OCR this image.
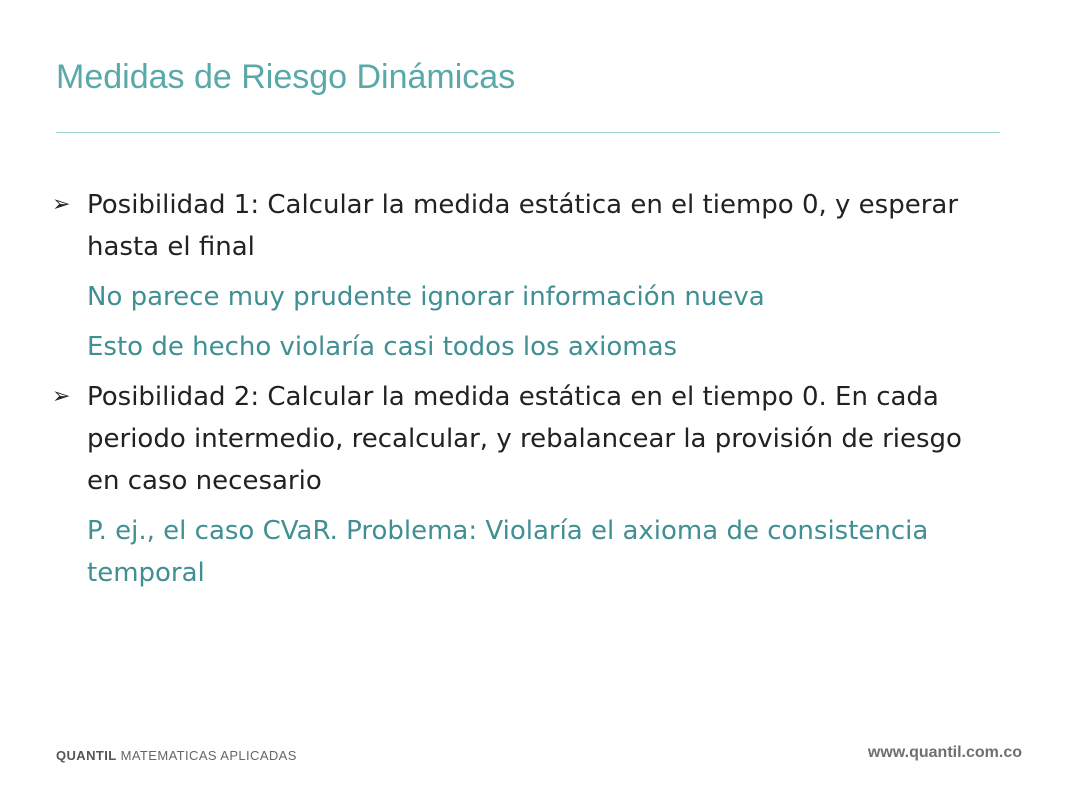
Medidas de Riesgo Dinámicas
➢ Posibilidad 1: Calcular la medida estática en el tiempo 0, y esperar hasta el final
No parece muy prudente ignorar información nueva
Esto de hecho violaría casi todos los axiomas
➢ Posibilidad 2: Calcular la medida estática en el tiempo 0. En cada periodo intermedio, recalcular, y rebalancear la provisión de riesgo en caso necesario
P. ej., el caso CVaR. Problema: Violaría el axioma de consistencia temporal
QUANTIL MATEMATICAS APLICADAS	www.quantil.com.co
